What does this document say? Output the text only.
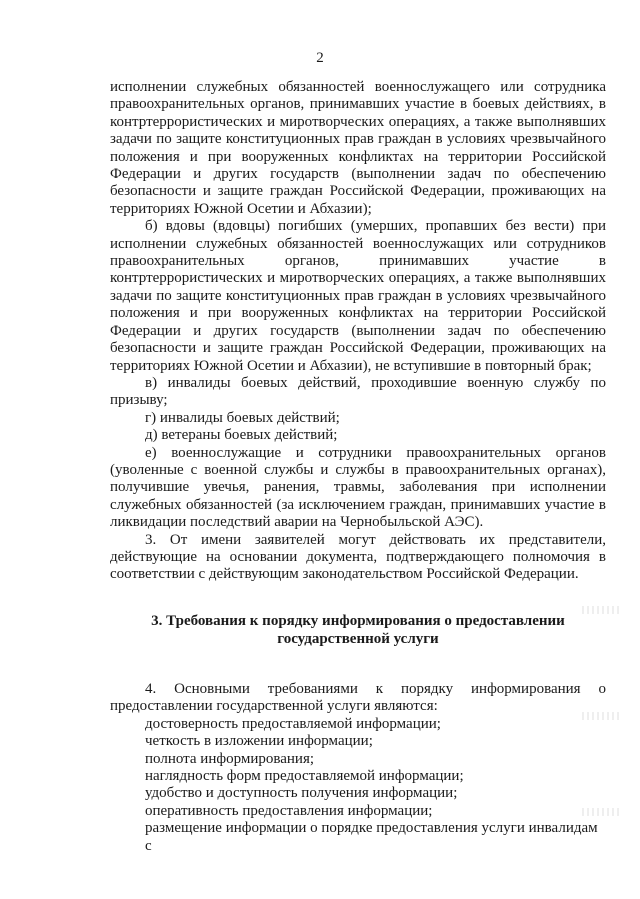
2

исполнении служебных обязанностей военнослужащего или сотрудника правоохранительных органов, принимавших участие в боевых действиях, в контртеррористических и миротворческих операциях, а также выполнявших задачи по защите конституционных прав граждан в условиях чрезвычайного положения и при вооруженных конфликтах на территории Российской Федерации и других государств (выполнении задач по обеспечению безопасности и защите граждан Российской Федерации, проживающих на территориях Южной Осетии и Абхазии);

б) вдовы (вдовцы) погибших (умерших, пропавших без вести) при исполнении служебных обязанностей военнослужащих или сотрудников правоохранительных органов, принимавших участие в контртеррористических и миротворческих операциях, а также выполнявших задачи по защите конституционных прав граждан в условиях чрезвычайного положения и при вооруженных конфликтах на территории Российской Федерации и других государств (выполнении задач по обеспечению безопасности и защите граждан Российской Федерации, проживающих на территориях Южной Осетии и Абхазии), не вступившие в повторный брак;

в) инвалиды боевых действий, проходившие военную службу по призыву;

г) инвалиды боевых действий;

д) ветераны боевых действий;

е) военнослужащие и сотрудники правоохранительных органов (уволенные с военной службы и службы в правоохранительных органах), получившие увечья, ранения, травмы, заболевания при исполнении служебных обязанностей (за исключением граждан, принимавших участие в ликвидации последствий аварии на Чернобыльской АЭС).

3. От имени заявителей могут действовать их представители, действующие на основании документа, подтверждающего полномочия в соответствии с действующим законодательством Российской Федерации.

3. Требования к порядку информирования о предоставлении
государственной услуги

4. Основными требованиями к порядку информирования о предоставлении государственной услуги являются:

достоверность предоставляемой информации;

четкость в изложении информации;

полнота информирования;

наглядность форм предоставляемой информации;

удобство и доступность получения информации;

оперативность предоставления информации;

размещение информации о порядке предоставления услуги инвалидам с
